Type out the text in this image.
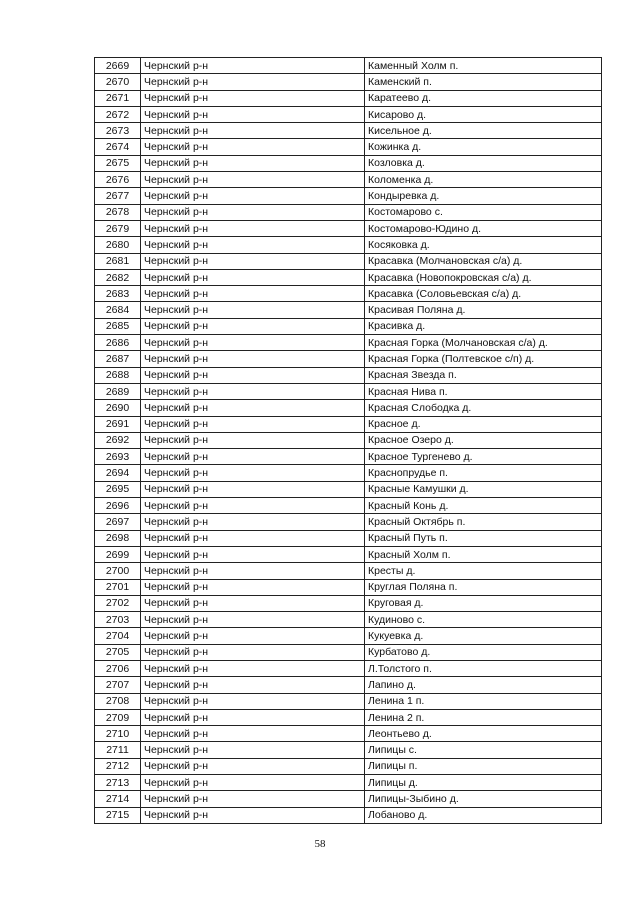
2669	Чернский р-н	Каменный Холм п.
2670	Чернский р-н	Каменский п.
2671	Чернский р-н	Каратеево д.
2672	Чернский р-н	Кисарово д.
2673	Чернский р-н	Кисельное д.
2674	Чернский р-н	Кожинка д.
2675	Чернский р-н	Козловка д.
2676	Чернский р-н	Коломенка д.
2677	Чернский р-н	Кондыревка д.
2678	Чернский р-н	Костомарово с.
2679	Чернский р-н	Костомарово-Юдино д.
2680	Чернский р-н	Косяковка д.
2681	Чернский р-н	Красавка (Молчановская с/а) д.
2682	Чернский р-н	Красавка (Новопокровская с/а) д.
2683	Чернский р-н	Красавка (Соловьевская с/а) д.
2684	Чернский р-н	Красивая Поляна д.
2685	Чернский р-н	Красивка д.
2686	Чернский р-н	Красная Горка (Молчановская с/а) д.
2687	Чернский р-н	Красная Горка (Полтевское с/п) д.
2688	Чернский р-н	Красная Звезда п.
2689	Чернский р-н	Красная Нива п.
2690	Чернский р-н	Красная Слободка д.
2691	Чернский р-н	Красное д.
2692	Чернский р-н	Красное Озеро д.
2693	Чернский р-н	Красное Тургенево д.
2694	Чернский р-н	Краснопрудье п.
2695	Чернский р-н	Красные Камушки д.
2696	Чернский р-н	Красный Конь д.
2697	Чернский р-н	Красный Октябрь п.
2698	Чернский р-н	Красный Путь п.
2699	Чернский р-н	Красный Холм п.
2700	Чернский р-н	Кресты д.
2701	Чернский р-н	Круглая Поляна п.
2702	Чернский р-н	Круговая д.
2703	Чернский р-н	Кудиново с.
2704	Чернский р-н	Кукуевка д.
2705	Чернский р-н	Курбатово д.
2706	Чернский р-н	Л.Толстого п.
2707	Чернский р-н	Лапино д.
2708	Чернский р-н	Ленина 1 п.
2709	Чернский р-н	Ленина 2 п.
2710	Чернский р-н	Леонтьево д.
2711	Чернский р-н	Липицы с.
2712	Чернский р-н	Липицы п.
2713	Чернский р-н	Липицы д.
2714	Чернский р-н	Липицы-Зыбино д.
2715	Чернский р-н	Лобаново д.
58
